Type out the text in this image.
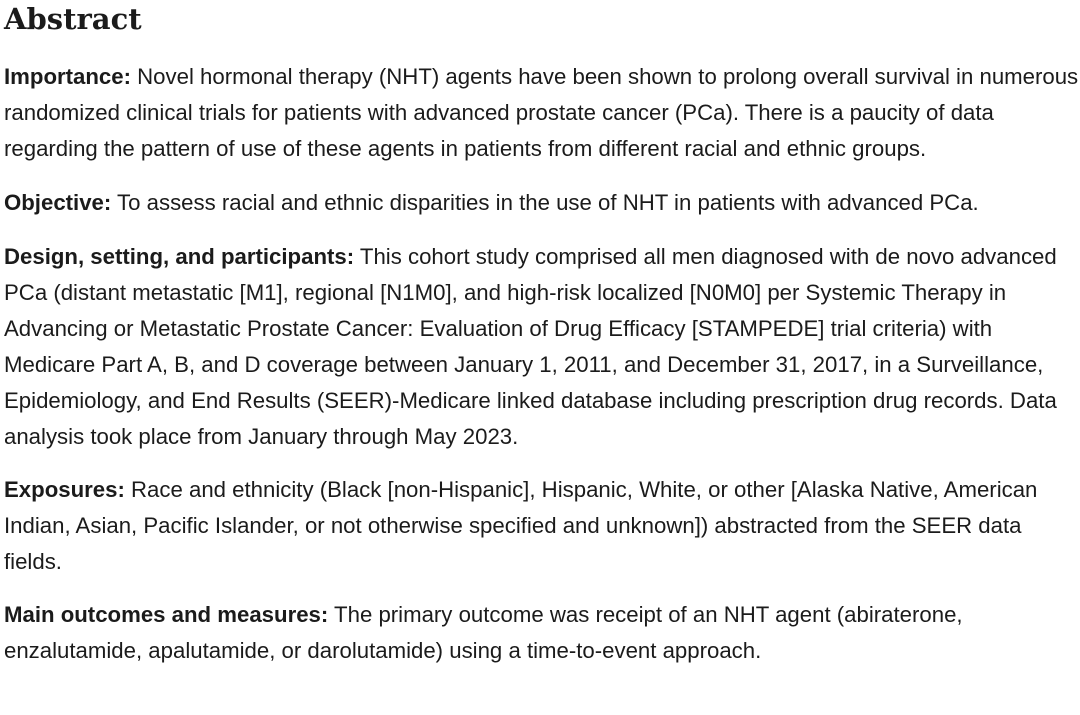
Abstract

Importance: Novel hormonal therapy (NHT) agents have been shown to prolong overall survival in numerous randomized clinical trials for patients with advanced prostate cancer (PCa). There is a paucity of data regarding the pattern of use of these agents in patients from different racial and ethnic groups.

Objective: To assess racial and ethnic disparities in the use of NHT in patients with advanced PCa.

Design, setting, and participants: This cohort study comprised all men diagnosed with de novo advanced PCa (distant metastatic [M1], regional [N1M0], and high-risk localized [N0M0] per Systemic Therapy in Advancing or Metastatic Prostate Cancer: Evaluation of Drug Efficacy [STAMPEDE] trial criteria) with Medicare Part A, B, and D coverage between January 1, 2011, and December 31, 2017, in a Surveillance, Epidemiology, and End Results (SEER)-Medicare linked database including prescription drug records. Data analysis took place from January through May 2023.

Exposures: Race and ethnicity (Black [non-Hispanic], Hispanic, White, or other [Alaska Native, American Indian, Asian, Pacific Islander, or not otherwise specified and unknown]) abstracted from the SEER data fields.

Main outcomes and measures: The primary outcome was receipt of an NHT agent (abiraterone, enzalutamide, apalutamide, or darolutamide) using a time-to-event approach.
